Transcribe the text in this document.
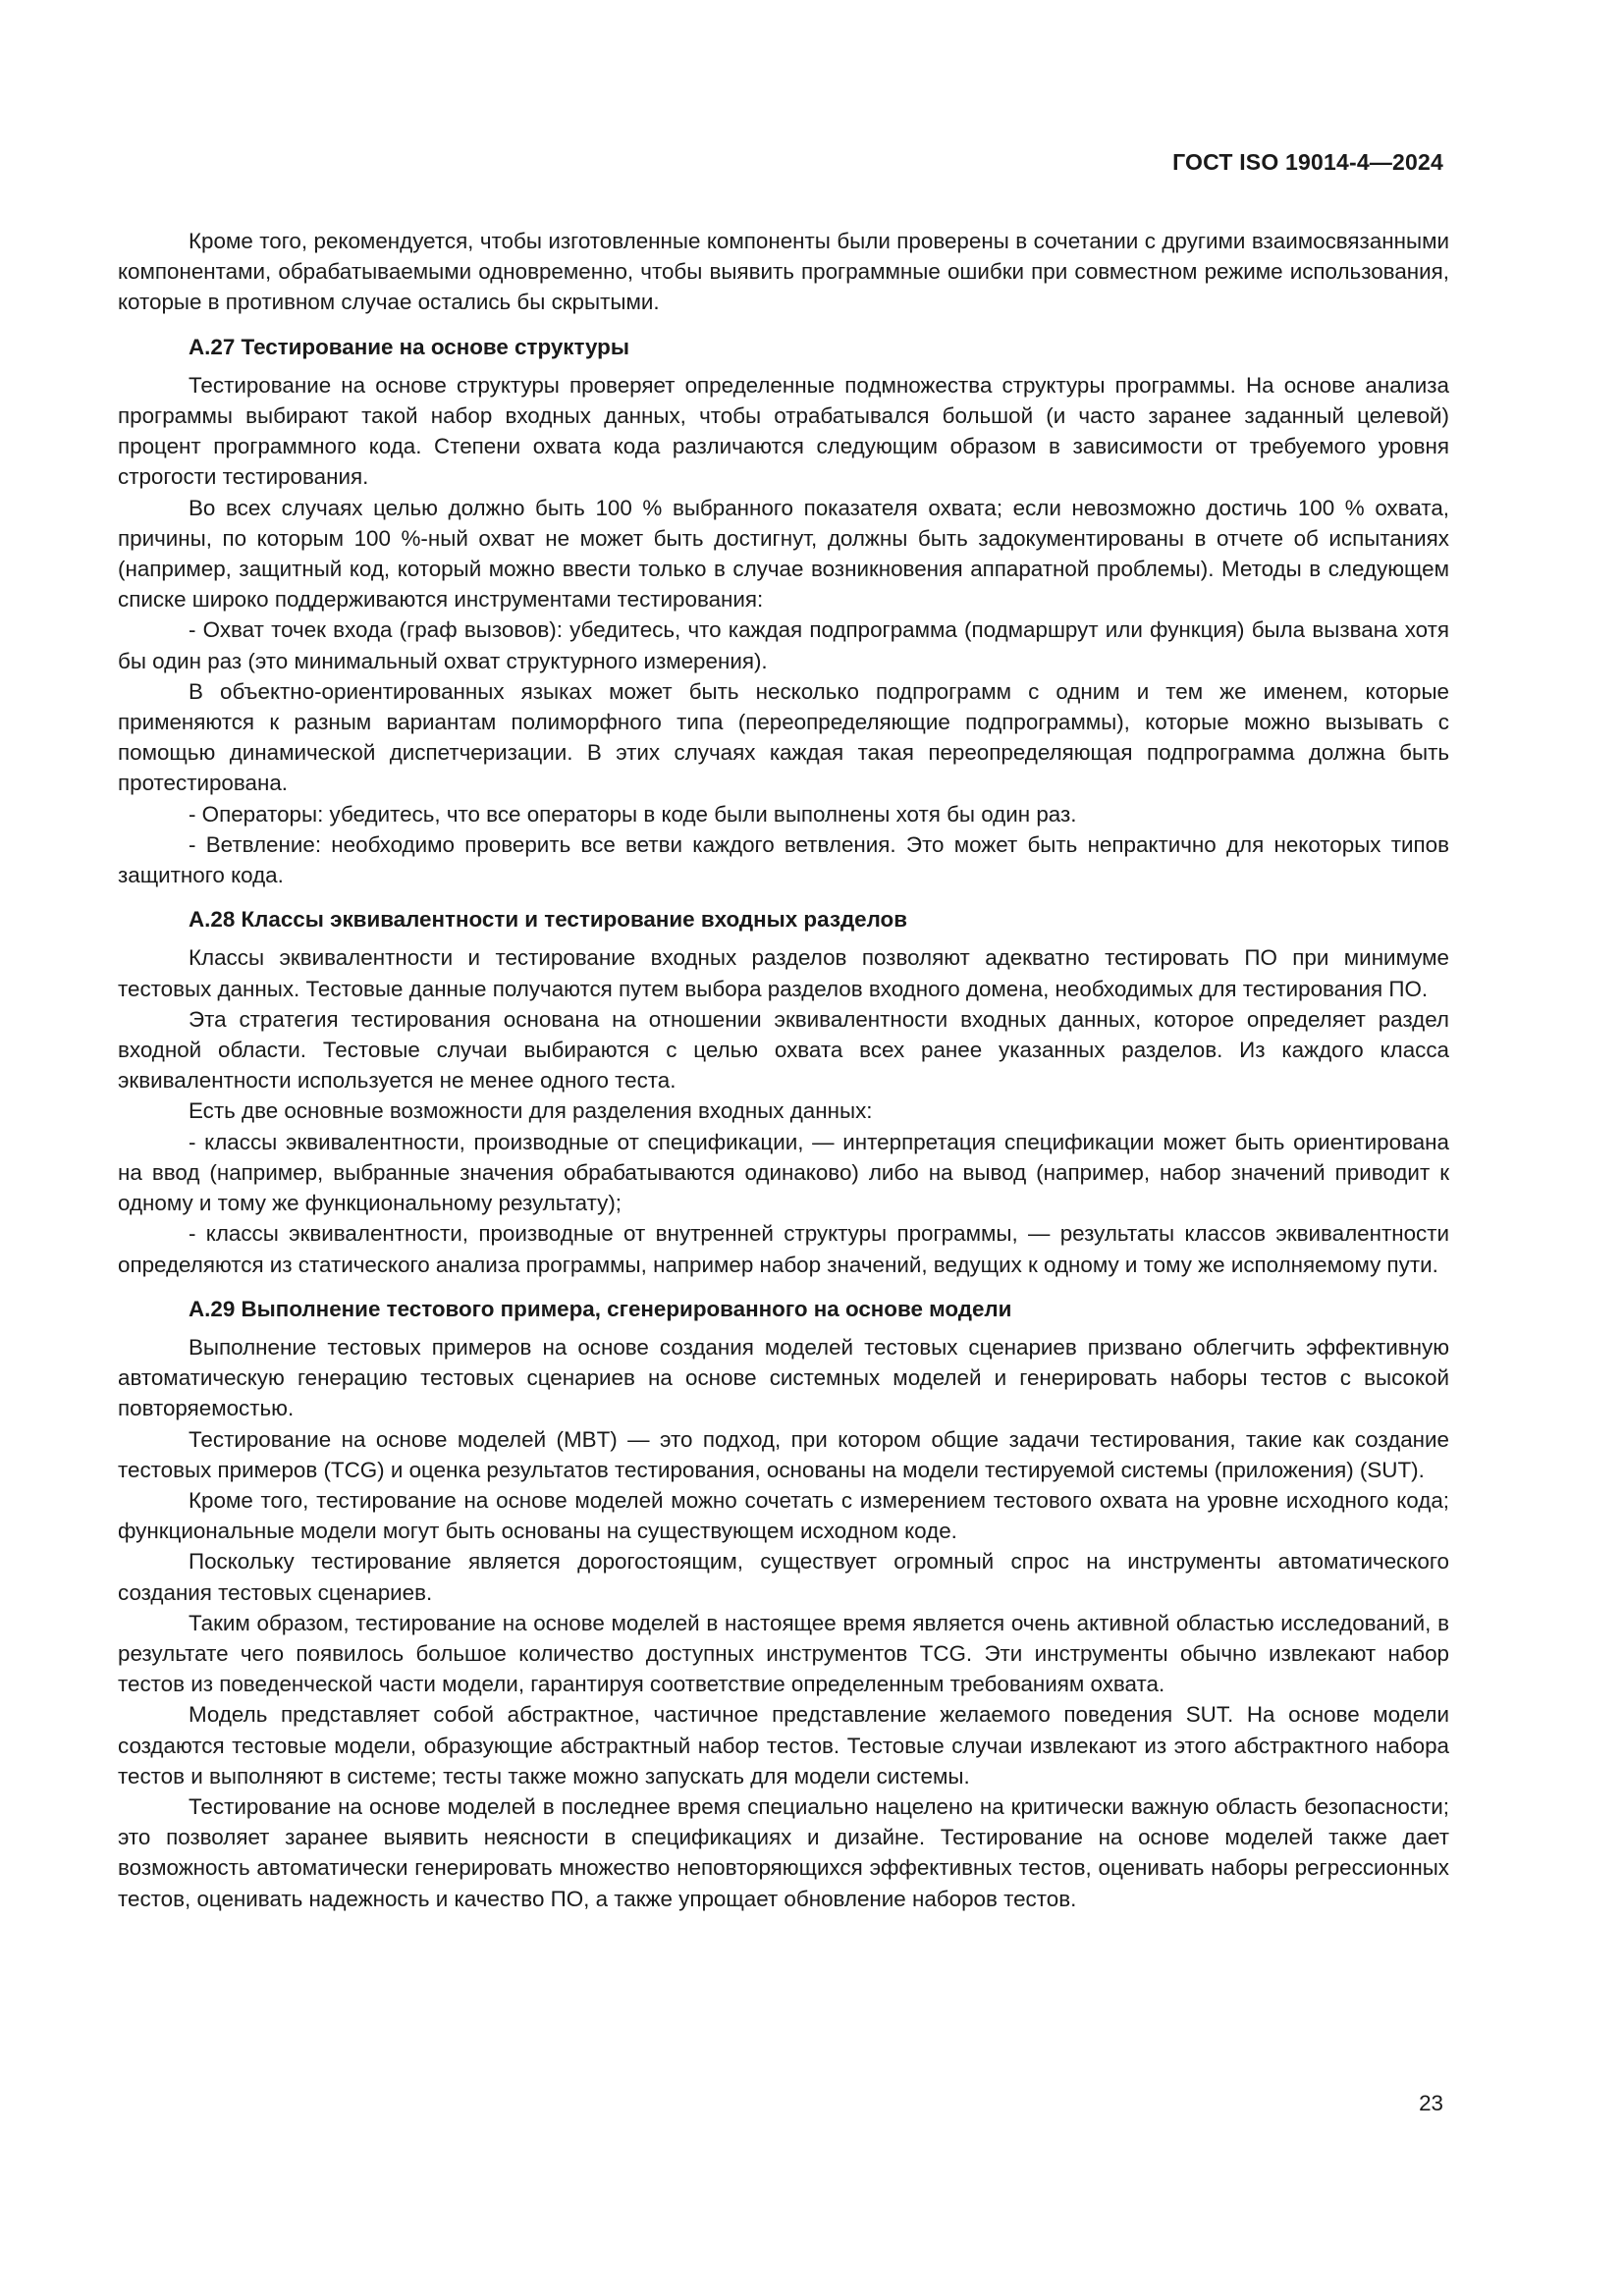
ГОСТ ISO 19014-4—2024

Кроме того, рекомендуется, чтобы изготовленные компоненты были проверены в сочетании с другими взаимосвязанными компонентами, обрабатываемыми одновременно, чтобы выявить программные ошибки при совместном режиме использования, которые в противном случае остались бы скрытыми.

А.27 Тестирование на основе структуры

Тестирование на основе структуры проверяет определенные подмножества структуры программы. На основе анализа программы выбирают такой набор входных данных, чтобы отрабатывался большой (и часто заранее заданный целевой) процент программного кода. Степени охвата кода различаются следующим образом в зависимости от требуемого уровня строгости тестирования.

Во всех случаях целью должно быть 100 % выбранного показателя охвата; если невозможно достичь 100 % охвата, причины, по которым 100 %-ный охват не может быть достигнут, должны быть задокументированы в отчете об испытаниях (например, защитный код, который можно ввести только в случае возникновения аппаратной проблемы). Методы в следующем списке широко поддерживаются инструментами тестирования:

- Охват точек входа (граф вызовов): убедитесь, что каждая подпрограмма (подмаршрут или функция) была вызвана хотя бы один раз (это минимальный охват структурного измерения).

В объектно-ориентированных языках может быть несколько подпрограмм с одним и тем же именем, которые применяются к разным вариантам полиморфного типа (переопределяющие подпрограммы), которые можно вызывать с помощью динамической диспетчеризации. В этих случаях каждая такая переопределяющая подпрограмма должна быть протестирована.

- Операторы: убедитесь, что все операторы в коде были выполнены хотя бы один раз.

- Ветвление: необходимо проверить все ветви каждого ветвления. Это может быть непрактично для некоторых типов защитного кода.

А.28 Классы эквивалентности и тестирование входных разделов

Классы эквивалентности и тестирование входных разделов позволяют адекватно тестировать ПО при минимуме тестовых данных. Тестовые данные получаются путем выбора разделов входного домена, необходимых для тестирования ПО.

Эта стратегия тестирования основана на отношении эквивалентности входных данных, которое определяет раздел входной области. Тестовые случаи выбираются с целью охвата всех ранее указанных разделов. Из каждого класса эквивалентности используется не менее одного теста.

Есть две основные возможности для разделения входных данных:

- классы эквивалентности, производные от спецификации, — интерпретация спецификации может быть ориентирована на ввод (например, выбранные значения обрабатываются одинаково) либо на вывод (например, набор значений приводит к одному и тому же функциональному результату);

- классы эквивалентности, производные от внутренней структуры программы, — результаты классов эквивалентности определяются из статического анализа программы, например набор значений, ведущих к одному и тому же исполняемому пути.

А.29 Выполнение тестового примера, сгенерированного на основе модели

Выполнение тестовых примеров на основе создания моделей тестовых сценариев призвано облегчить эффективную автоматическую генерацию тестовых сценариев на основе системных моделей и генерировать наборы тестов с высокой повторяемостью.

Тестирование на основе моделей (MBT) — это подход, при котором общие задачи тестирования, такие как создание тестовых примеров (TCG) и оценка результатов тестирования, основаны на модели тестируемой системы (приложения) (SUT).

Кроме того, тестирование на основе моделей можно сочетать с измерением тестового охвата на уровне исходного кода; функциональные модели могут быть основаны на существующем исходном коде.

Поскольку тестирование является дорогостоящим, существует огромный спрос на инструменты автоматического создания тестовых сценариев.

Таким образом, тестирование на основе моделей в настоящее время является очень активной областью исследований, в результате чего появилось большое количество доступных инструментов TCG. Эти инструменты обычно извлекают набор тестов из поведенческой части модели, гарантируя соответствие определенным требованиям охвата.

Модель представляет собой абстрактное, частичное представление желаемого поведения SUT. На основе модели создаются тестовые модели, образующие абстрактный набор тестов. Тестовые случаи извлекают из этого абстрактного набора тестов и выполняют в системе; тесты также можно запускать для модели системы.

Тестирование на основе моделей в последнее время специально нацелено на критически важную область безопасности; это позволяет заранее выявить неясности в спецификациях и дизайне. Тестирование на основе моделей также дает возможность автоматически генерировать множество неповторяющихся эффективных тестов, оценивать наборы регрессионных тестов, оценивать надежность и качество ПО, а также упрощает обновление наборов тестов.

23
